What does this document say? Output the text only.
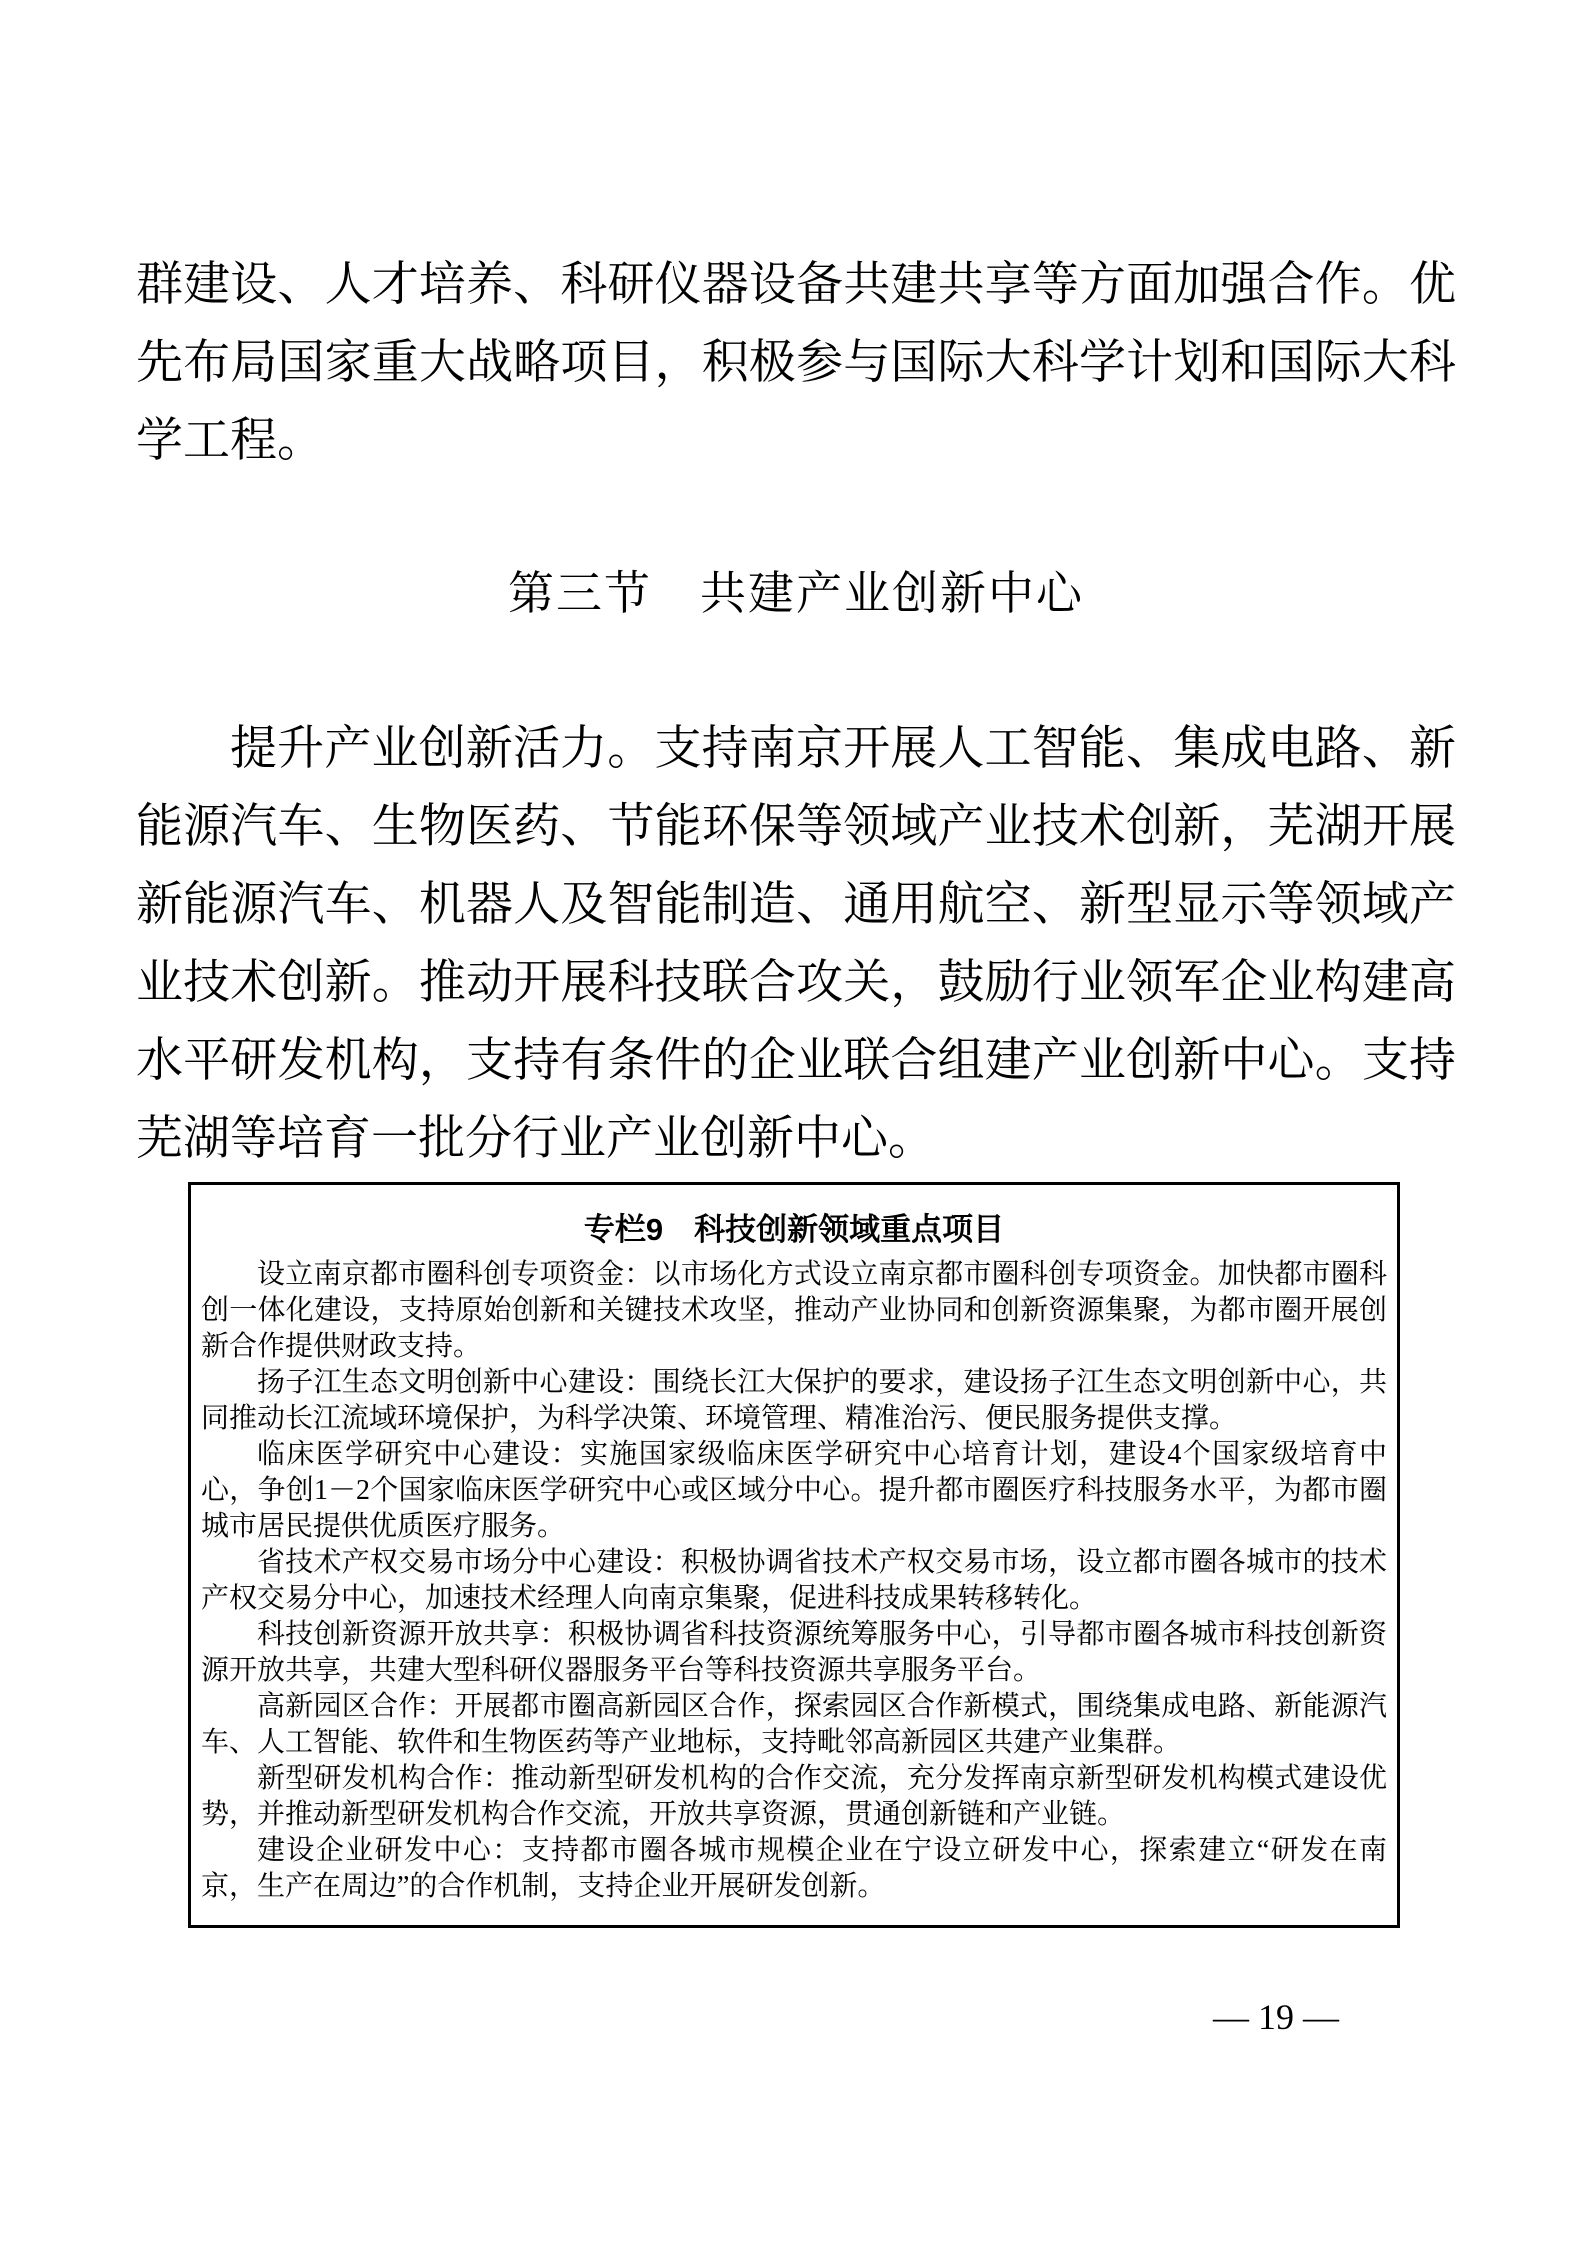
群建设、人才培养、科研仪器设备共建共享等方面加强合作。优先布局国家重大战略项目，积极参与国际大科学计划和国际大科学工程。

第三节　共建产业创新中心

提升产业创新活力。支持南京开展人工智能、集成电路、新能源汽车、生物医药、节能环保等领域产业技术创新，芜湖开展新能源汽车、机器人及智能制造、通用航空、新型显示等领域产业技术创新。推动开展科技联合攻关，鼓励行业领军企业构建高水平研发机构，支持有条件的企业联合组建产业创新中心。支持芜湖等培育一批分行业产业创新中心。

专栏9　科技创新领域重点项目

设立南京都市圈科创专项资金：以市场化方式设立南京都市圈科创专项资金。加快都市圈科创一体化建设，支持原始创新和关键技术攻坚，推动产业协同和创新资源集聚，为都市圈开展创新合作提供财政支持。

扬子江生态文明创新中心建设：围绕长江大保护的要求，建设扬子江生态文明创新中心，共同推动长江流域环境保护，为科学决策、环境管理、精准治污、便民服务提供支撑。

临床医学研究中心建设：实施国家级临床医学研究中心培育计划，建设4个国家级培育中心，争创1－2个国家临床医学研究中心或区域分中心。提升都市圈医疗科技服务水平，为都市圈城市居民提供优质医疗服务。

省技术产权交易市场分中心建设：积极协调省技术产权交易市场，设立都市圈各城市的技术产权交易分中心，加速技术经理人向南京集聚，促进科技成果转移转化。

科技创新资源开放共享：积极协调省科技资源统筹服务中心，引导都市圈各城市科技创新资源开放共享，共建大型科研仪器服务平台等科技资源共享服务平台。

高新园区合作：开展都市圈高新园区合作，探索园区合作新模式，围绕集成电路、新能源汽车、人工智能、软件和生物医药等产业地标，支持毗邻高新园区共建产业集群。

新型研发机构合作：推动新型研发机构的合作交流，充分发挥南京新型研发机构模式建设优势，并推动新型研发机构合作交流，开放共享资源，贯通创新链和产业链。

建设企业研发中心：支持都市圈各城市规模企业在宁设立研发中心，探索建立“研发在南京，生产在周边”的合作机制，支持企业开展研发创新。

— 19 —
